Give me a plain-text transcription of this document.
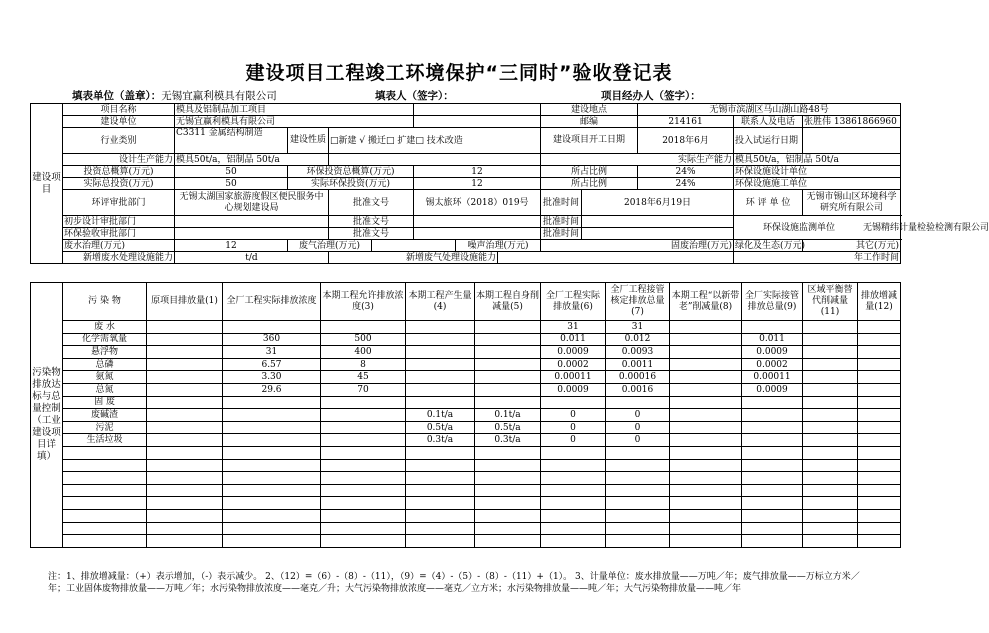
建设项目工程竣工环境保护“三同时”验收登记表
填表单位（盖章）：无锡宜赢利模具有限公司	填表人（签字）：	项目经办人（签字）：
建设项目	项目名称	模具及铝制品加工项目							建设地点		无锡市滨湖区马山湖山路48号		
	建设单位	无锡宜赢利模具有限公司							邮编		214161	联系人及电话	张胜伟 13861866960
	行业类别	C3311 金属结构制造	建设性质	□新建 √ 搬迁□ 扩建□ 技术改造					建设项目开工日期		2018年6月	投入试运行日期	
	设计生产能力	模具50t/a，铝制品 50t/a							实际生产能力			模具50t/a，铝制品 50t/a	
	投资总概算(万元)	50	环保投资总概算(万元)			12			所占比例		24%	环保设施设计单位	
	实际总投资(万元)	50	实际环保投资(万元)			12			所占比例		24%	环保设施施工单位	
	环评审批部门	无锡太湖国家旅游度假区便民服务中心规划建设局		批准文号		锡太旅环（2018）019号			批准时间	2018年6月19日		环 评 单 位	无锡市锡山区环境科学研究所有限公司
	初步设计审批部门			批准文号					批准时间			环保设施监测单位 无锡精纬计量检验检测有限公司	
	环保验收审批部门			批准文号					批准时间				
	废水治理(万元)	12	废气治理(万元)				噪声治理(万元)		固废治理(万元)			绿化及生态(万元)	其它(万元)
	新增废水处理设施能力	t/d		新增废气处理设施能力								年工作时间	
污染物排放达标与总量控制（工业建设项目详填）	污 染 物	原项目排放量(1)	全厂工程实际排放浓度	本期工程允许排放浓度(3)	本期工程产生量(4)	本期工程自身削减量(5)	全厂工程实际排放量(6)	全厂工程接管核定排放总量(7)	本期工程“以新带老”削减量(8)	全厂实际接管排放总量(9)	区域平衡替代削减量(11)	排放增减量(12)
	废 水						31	31				
	化学需氧量		360	500			0.011	0.012		0.011		
	悬浮物		31	400			0.0009	0.0093		0.0009		
	总磷		6.57	8			0.0002	0.0011		0.0002		
	氨氮		3.30	45			0.00011	0.00016		0.00011		
	总氮		29.6	70			0.0009	0.0016		0.0009		
	固 废											
	废碱渣				0.1t/a	0.1t/a	0	0				
	污泥				0.5t/a	0.5t/a	0	0				
	生活垃圾				0.3t/a	0.3t/a	0	0				

注：1、排放增减量：（+）表示增加，（-）表示减少。 2、（12）=（6）-（8）-（11），（9）=（4）-（5）-（8）-（11）+（1）。 3、计量单位：废水排放量——万吨／年；废气排放量——万标立方米／年；工业固体废物排放量——万吨／年；水污染物排放浓度——毫克／升；大气污染物排放浓度——毫克／立方米；水污染物排放量——吨／年；大气污染物排放量——吨／年
